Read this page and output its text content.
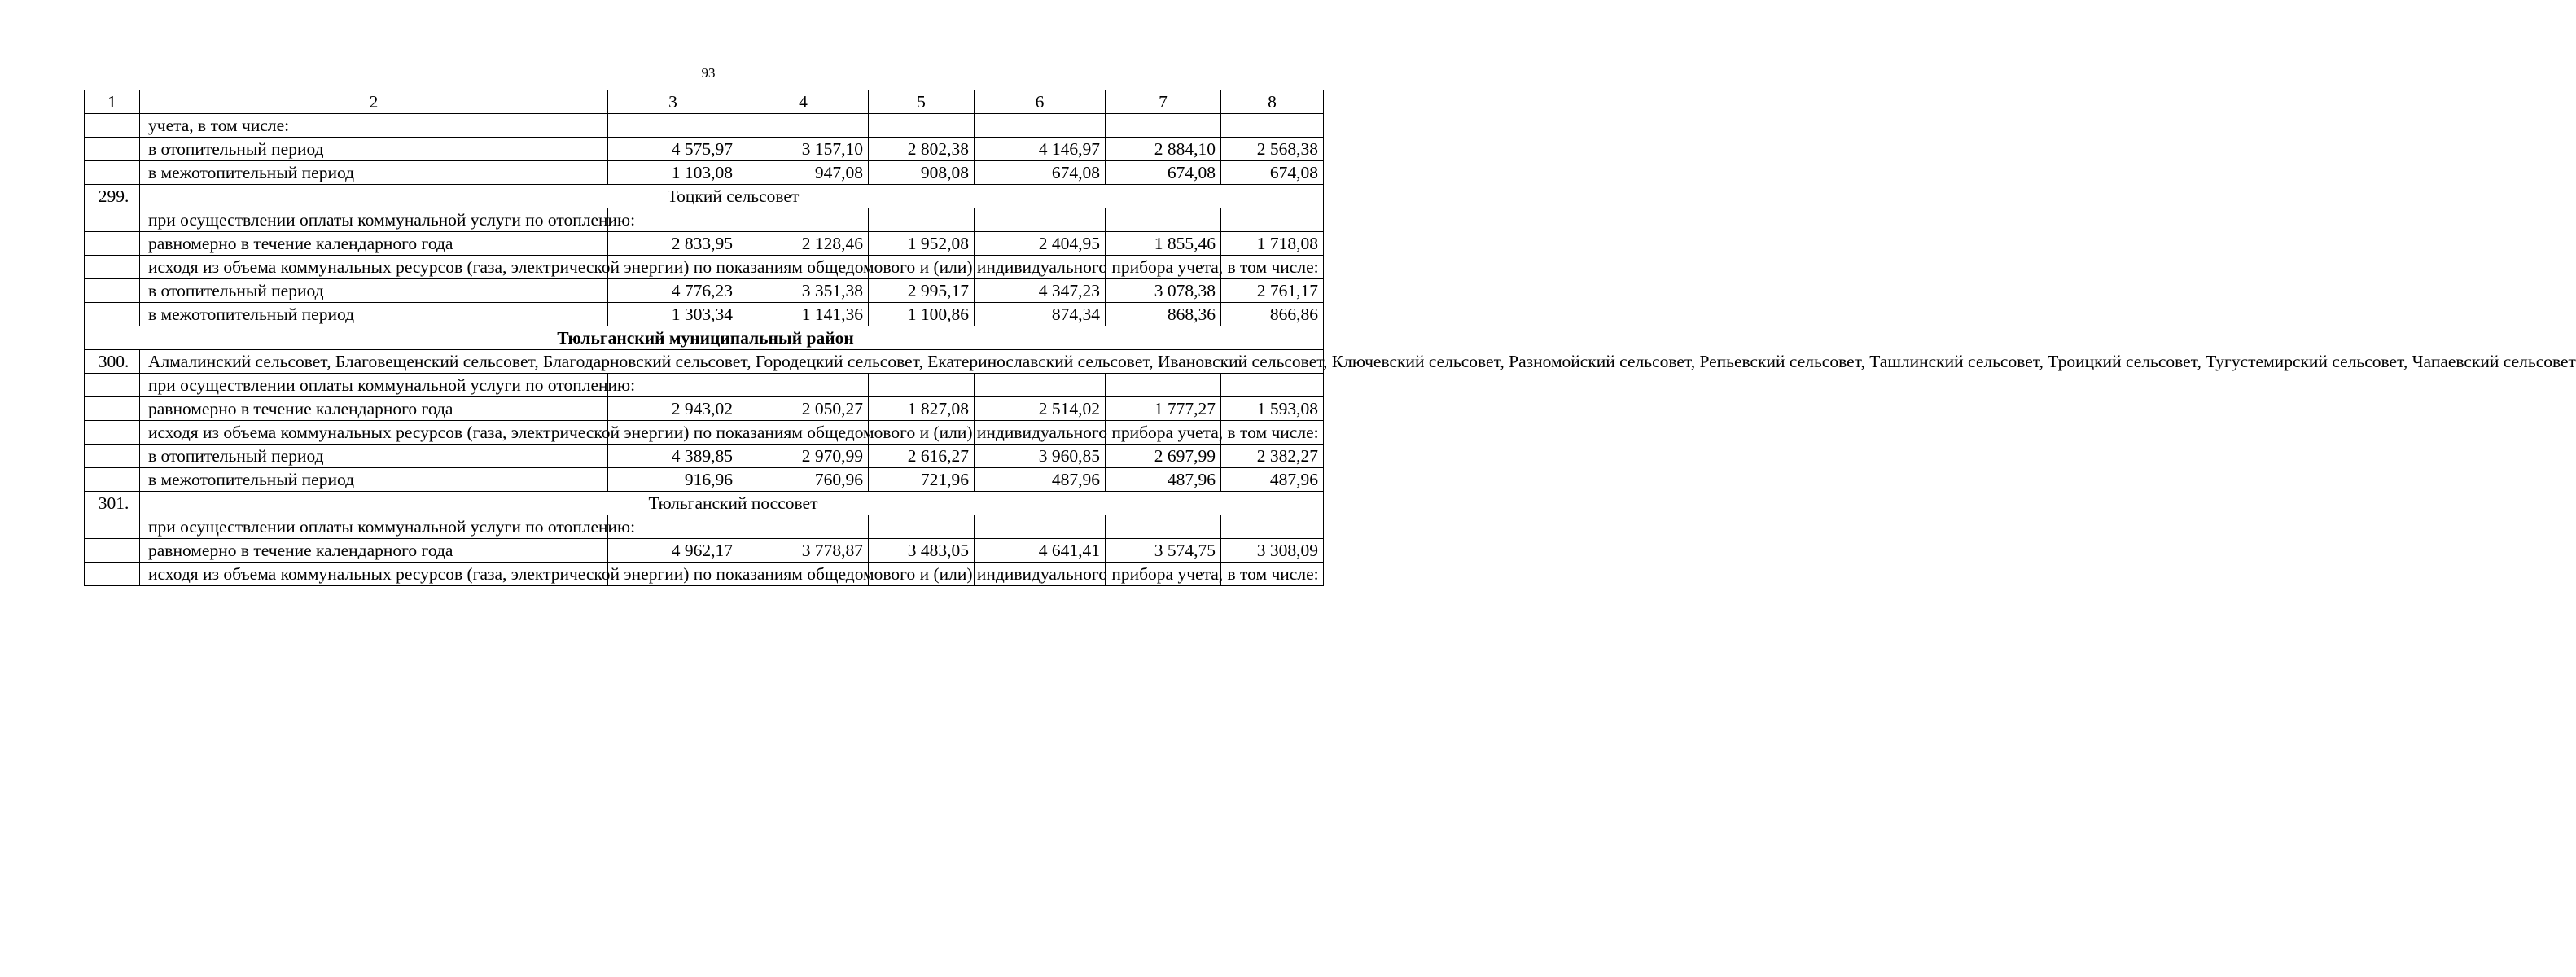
93
1	2	3	4	5	6	7	8
	учета, в том числе:						
	в отопительный период	4 575,97	3 157,10	2 802,38	4 146,97	2 884,10	2 568,38
	в межотопительный период	1 103,08	947,08	908,08	674,08	674,08	674,08
299.	Тоцкий сельсовет						
	при осуществлении оплаты коммунальной услуги по отоплению:						
	равномерно в течение календарного года	2 833,95	2 128,46	1 952,08	2 404,95	1 855,46	1 718,08
	исходя из объема коммунальных ресурсов (газа, электрической энергии) по показаниям общедомового и (или) индивидуального прибора учета, в том числе:						
	в отопительный период	4 776,23	3 351,38	2 995,17	4 347,23	3 078,38	2 761,17
	в межотопительный период	1 303,34	1 141,36	1 100,86	874,34	868,36	866,86
Тюльганский муниципальный район							
300.	Алмалинский сельсовет, Благовещенский сельсовет, Благодарновский сельсовет, Городецкий сельсовет, Екатеринославский сельсовет, Ивановский сельсовет, Ключевский сельсовет, Разномойский сельсовет, Репьевский сельсовет, Ташлинский сельсовет, Троицкий сельсовет, Тугустемирский сельсовет, Чапаевский сельсовет						
	при осуществлении оплаты коммунальной услуги по отоплению:						
	равномерно в течение календарного года	2 943,02	2 050,27	1 827,08	2 514,02	1 777,27	1 593,08
	исходя из объема коммунальных ресурсов (газа, электрической энергии) по показаниям общедомового и (или) индивидуального прибора учета, в том числе:						
	в отопительный период	4 389,85	2 970,99	2 616,27	3 960,85	2 697,99	2 382,27
	в межотопительный период	916,96	760,96	721,96	487,96	487,96	487,96
301.	Тюльганский поссовет						
	при осуществлении оплаты коммунальной услуги по отоплению:						
	равномерно в течение календарного года	4 962,17	3 778,87	3 483,05	4 641,41	3 574,75	3 308,09
	исходя из объема коммунальных ресурсов (газа, электрической энергии) по показаниям общедомового и (или) индивидуального прибора учета, в том числе:						
